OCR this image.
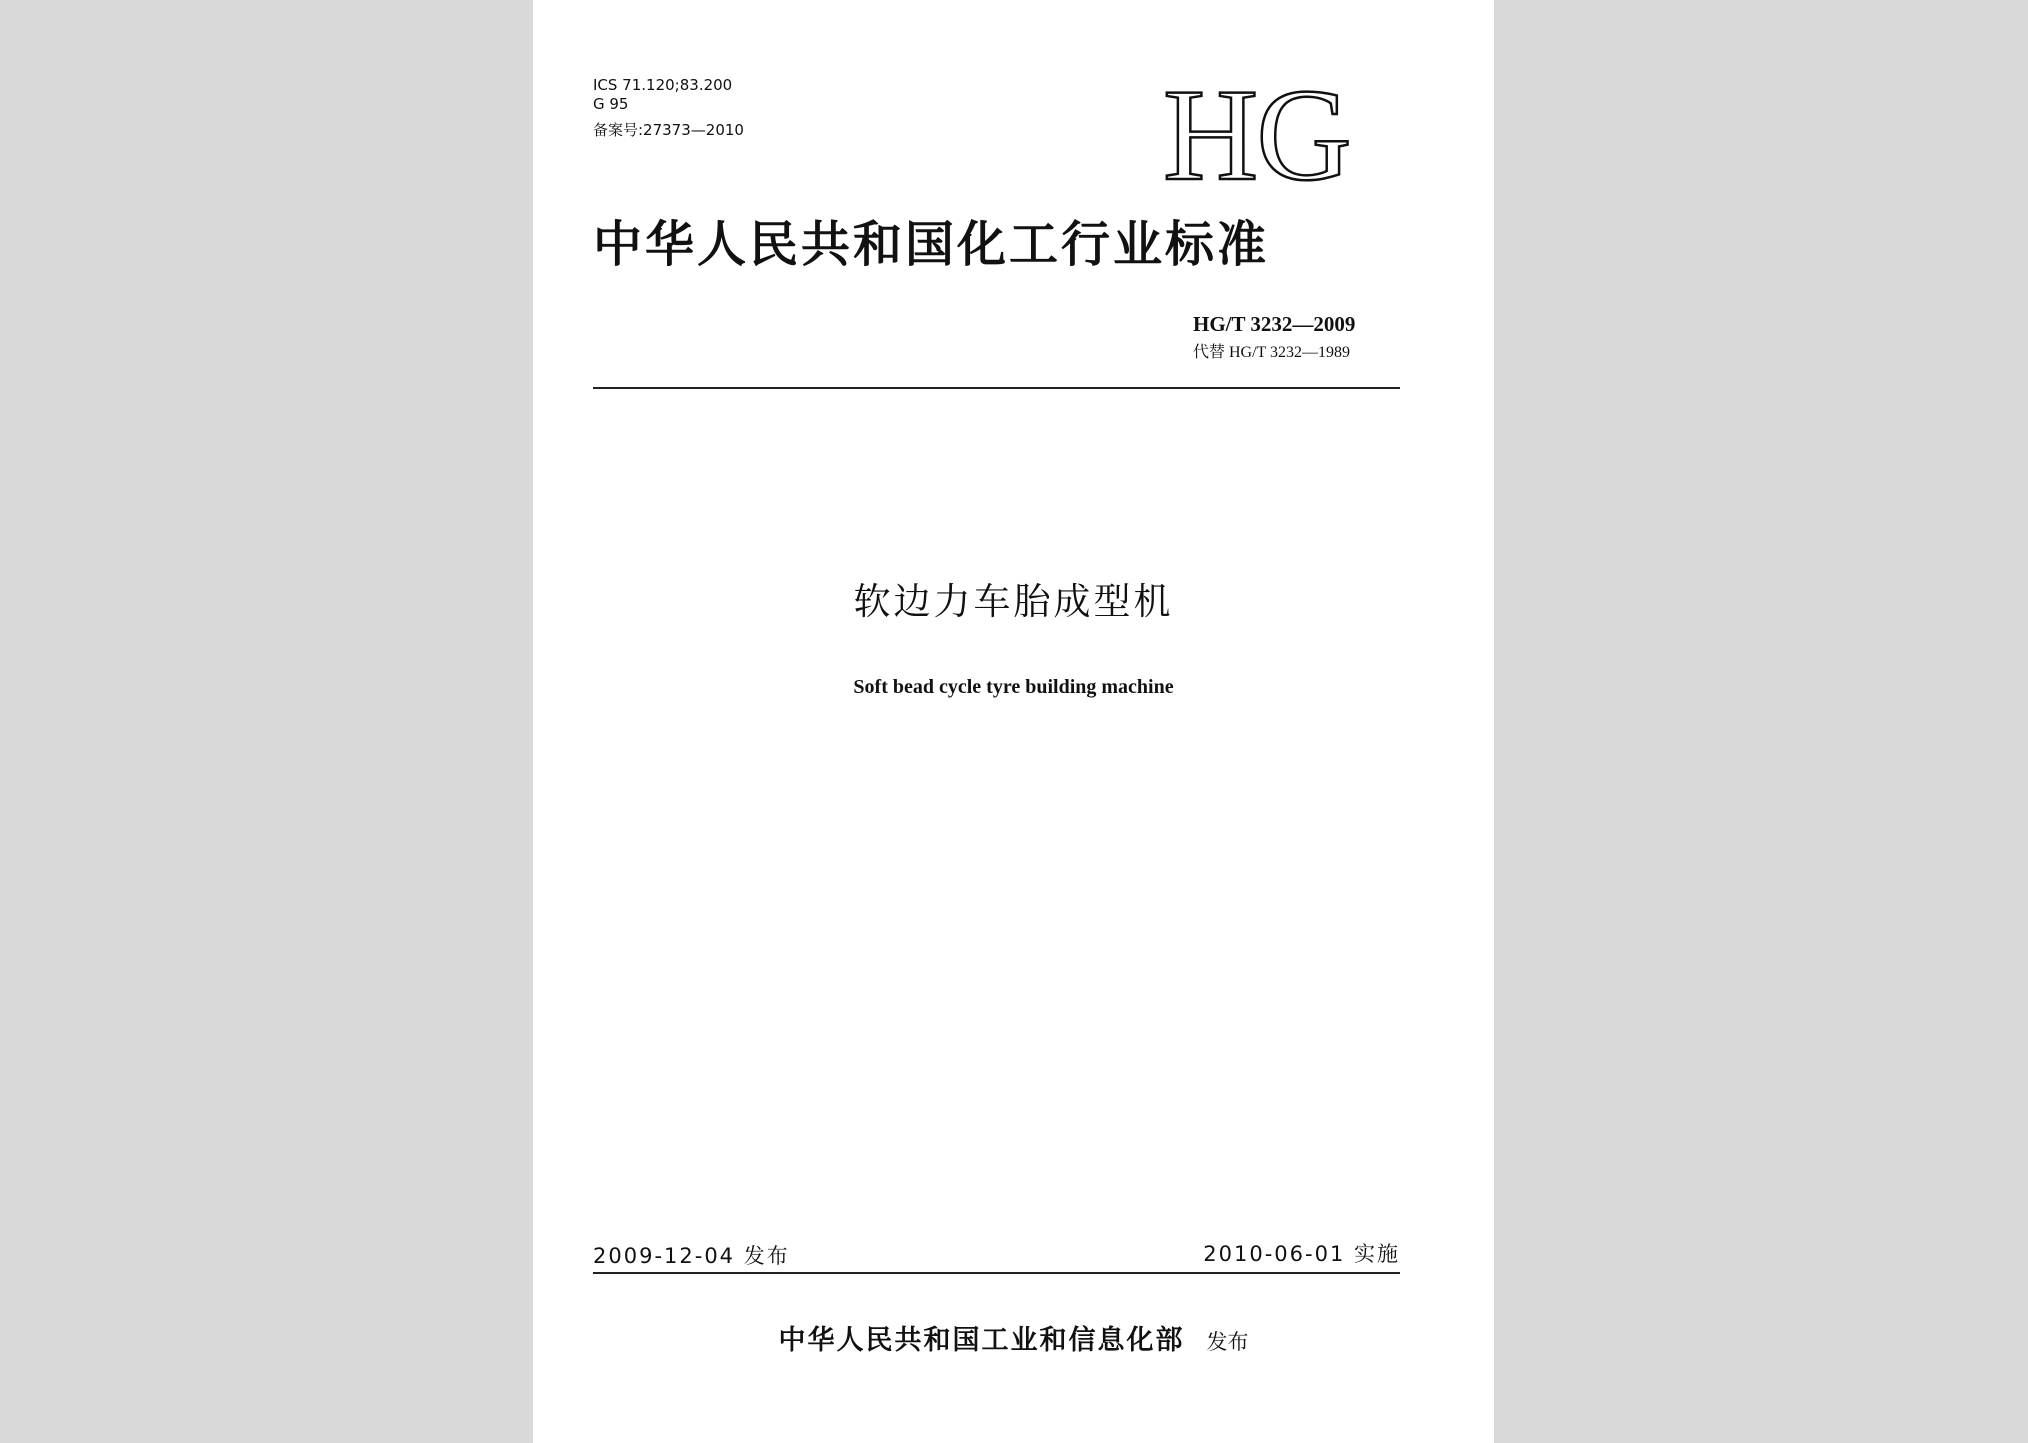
ICS 71.120;83.200
G 95
备案号:27373—2010	HG
中华人民共和国化工行业标准
HG/T 3232—2009
代替 HG/T 3232—1989
软边力车胎成型机
Soft bead cycle tyre building machine
2009-12-04 发布	2010-06-01 实施
中华人民共和国工业和信息化部 发布
